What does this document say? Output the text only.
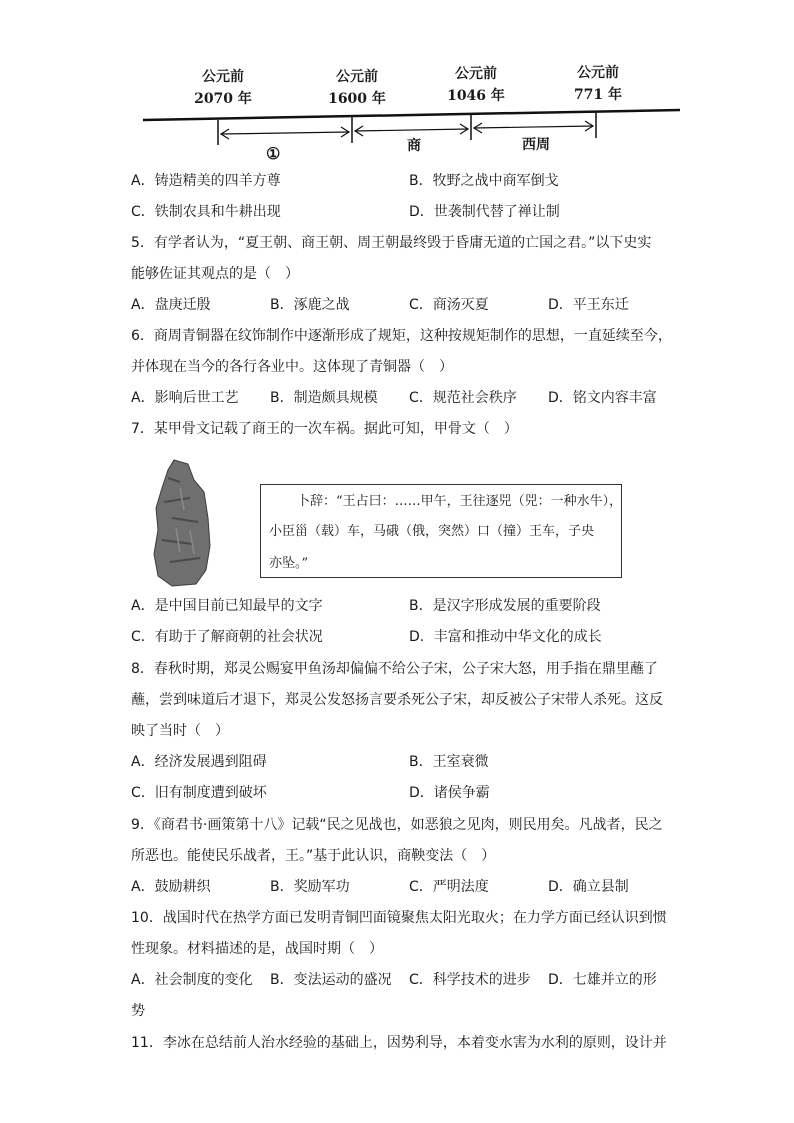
公元前
2070 年
公元前
1600 年
公元前
1046 年
公元前
771 年
①	商	西周
A．铸造精美的四羊方尊	B．牧野之战中商军倒戈
C．铁制农具和牛耕出现	D．世袭制代替了禅让制
5．有学者认为，“夏王朝、商王朝、周王朝最终毁于昏庸无道的亡国之君。”以下史实
能够佐证其观点的是（　）
A．盘庚迁殷	B．涿鹿之战	C．商汤灭夏	D．平王东迁
6．商周青铜器在纹饰制作中逐渐形成了规矩，这种按规矩制作的思想，一直延续至今，
并体现在当今的各行各业中。这体现了青铜器（　）
A．影响后世工艺 B．制造颇具规模 C．规范社会秩序 D．铭文内容丰富
7．某甲骨文记载了商王的一次车祸。据此可知，甲骨文（　）
卜辞：“王占曰：……甲午，王往逐兕（兕：一种水牛），
小臣甾（载）车，马硪（俄，突然）口（撞）王车，子央
亦坠。”
A．是中国目前已知最早的文字	B．是汉字形成发展的重要阶段
C．有助于了解商朝的社会状况	D．丰富和推动中华文化的成长
8．春秋时期，郑灵公赐宴甲鱼汤却偏偏不给公子宋，公子宋大怒，用手指在鼎里蘸了
蘸，尝到味道后才退下，郑灵公发怒扬言要杀死公子宋，却反被公子宋带人杀死。这反
映了当时（　）
A．经济发展遇到阻碍	B．王室衰微
C．旧有制度遭到破坏	D．诸侯争霸
9．《商君书·画策第十八》记载“民之见战也，如恶狼之见肉，则民用矣。凡战者，民之
所恶也。能使民乐战者，王。”基于此认识，商鞅变法（　）
A．鼓励耕织	B．奖励军功	C．严明法度	D．确立县制
10．战国时代在热学方面已发明青铜凹面镜聚焦太阳光取火；在力学方面已经认识到惯
性现象。材料描述的是，战国时期（　）
A．社会制度的变化 B．变法运动的盛况 C．科学技术的进步 D．七雄并立的形
势
11．李冰在总结前人治水经验的基础上，因势利导，本着变水害为水利的原则，设计并
